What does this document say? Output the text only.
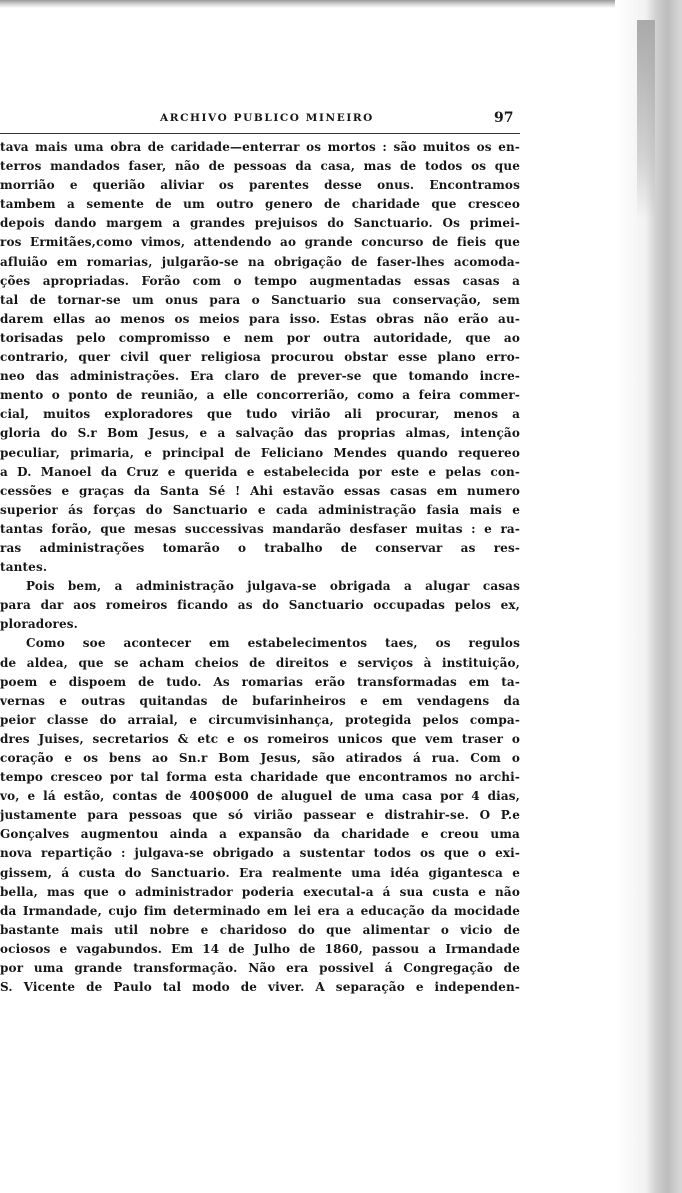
ARCHIVO PUBLICO MINEIRO	97
tava mais uma obra de caridade—enterrar os mortos : são muitos os en-
terros mandados faser, não de pessoas da casa, mas de todos os que
morrião e querião aliviar os parentes desse onus. Encontramos
tambem a semente de um outro genero de charidade que cresceo
depois dando margem a grandes prejuisos do Sanctuario. Os primei-
ros Ermitães,como vimos, attendendo ao grande concurso de fieis que
afluião em romarias, julgarão-se na obrigação de faser-lhes acomoda-
ções apropriadas. Forão com o tempo augmentadas essas casas a
tal de tornar-se um onus para o Sanctuario sua conservação, sem
darem ellas ao menos os meios para isso. Estas obras não erão au-
torisadas pelo compromisso e nem por outra autoridade, que ao
contrario, quer civil quer religiosa procurou obstar esse plano erro-
neo das administrações. Era claro de prever-se que tomando incre-
mento o ponto de reunião, a elle concorrerião, como a feira commer-
cial, muitos exploradores que tudo virião ali procurar, menos a
gloria do S.r Bom Jesus, e a salvação das proprias almas, intenção
peculiar, primaria, e principal de Feliciano Mendes quando requereo
a D. Manoel da Cruz e querida e estabelecida por este e pelas con-
cessões e graças da Santa Sé ! Ahi estavão essas casas em numero
superior ás forças do Sanctuario e cada administração fasia mais e
tantas forão, que mesas successivas mandarão desfaser muitas : e ra-
ras administrações tomarão o trabalho de conservar as res-
tantes.
Pois bem, a administração julgava-se obrigada a alugar casas
para dar aos romeiros ficando as do Sanctuario occupadas pelos ex,
ploradores.
Como soe acontecer em estabelecimentos taes, os regulos
de aldea, que se acham cheios de direitos e serviços à instituição,
poem e dispoem de tudo. As romarias erão transformadas em ta-
vernas e outras quitandas de bufarinheiros e em vendagens da
peior classe do arraial, e circumvisinhança, protegida pelos compa-
dres Juises, secretarios & etc e os romeiros unicos que vem traser o
coração e os bens ao Sn.r Bom Jesus, são atirados á rua. Com o
tempo cresceo por tal forma esta charidade que encontramos no archi-
vo, e lá estão, contas de 400$000 de aluguel de uma casa por 4 dias,
justamente para pessoas que só virião passear e distrahir-se. O P.e
Gonçalves augmentou ainda a expansão da charidade e creou uma
nova repartição : julgava-se obrigado a sustentar todos os que o exi-
gissem, á custa do Sanctuario. Era realmente uma idéa gigantesca e
bella, mas que o administrador poderia executal-a á sua custa e não
da Irmandade, cujo fim determinado em lei era a educação da mocidade
bastante mais util nobre e charidoso do que alimentar o vicio de
ociosos e vagabundos. Em 14 de Julho de 1860, passou a Irmandade
por uma grande transformação. Não era possivel á Congregação de
S. Vicente de Paulo tal modo de viver. A separação e independen-
